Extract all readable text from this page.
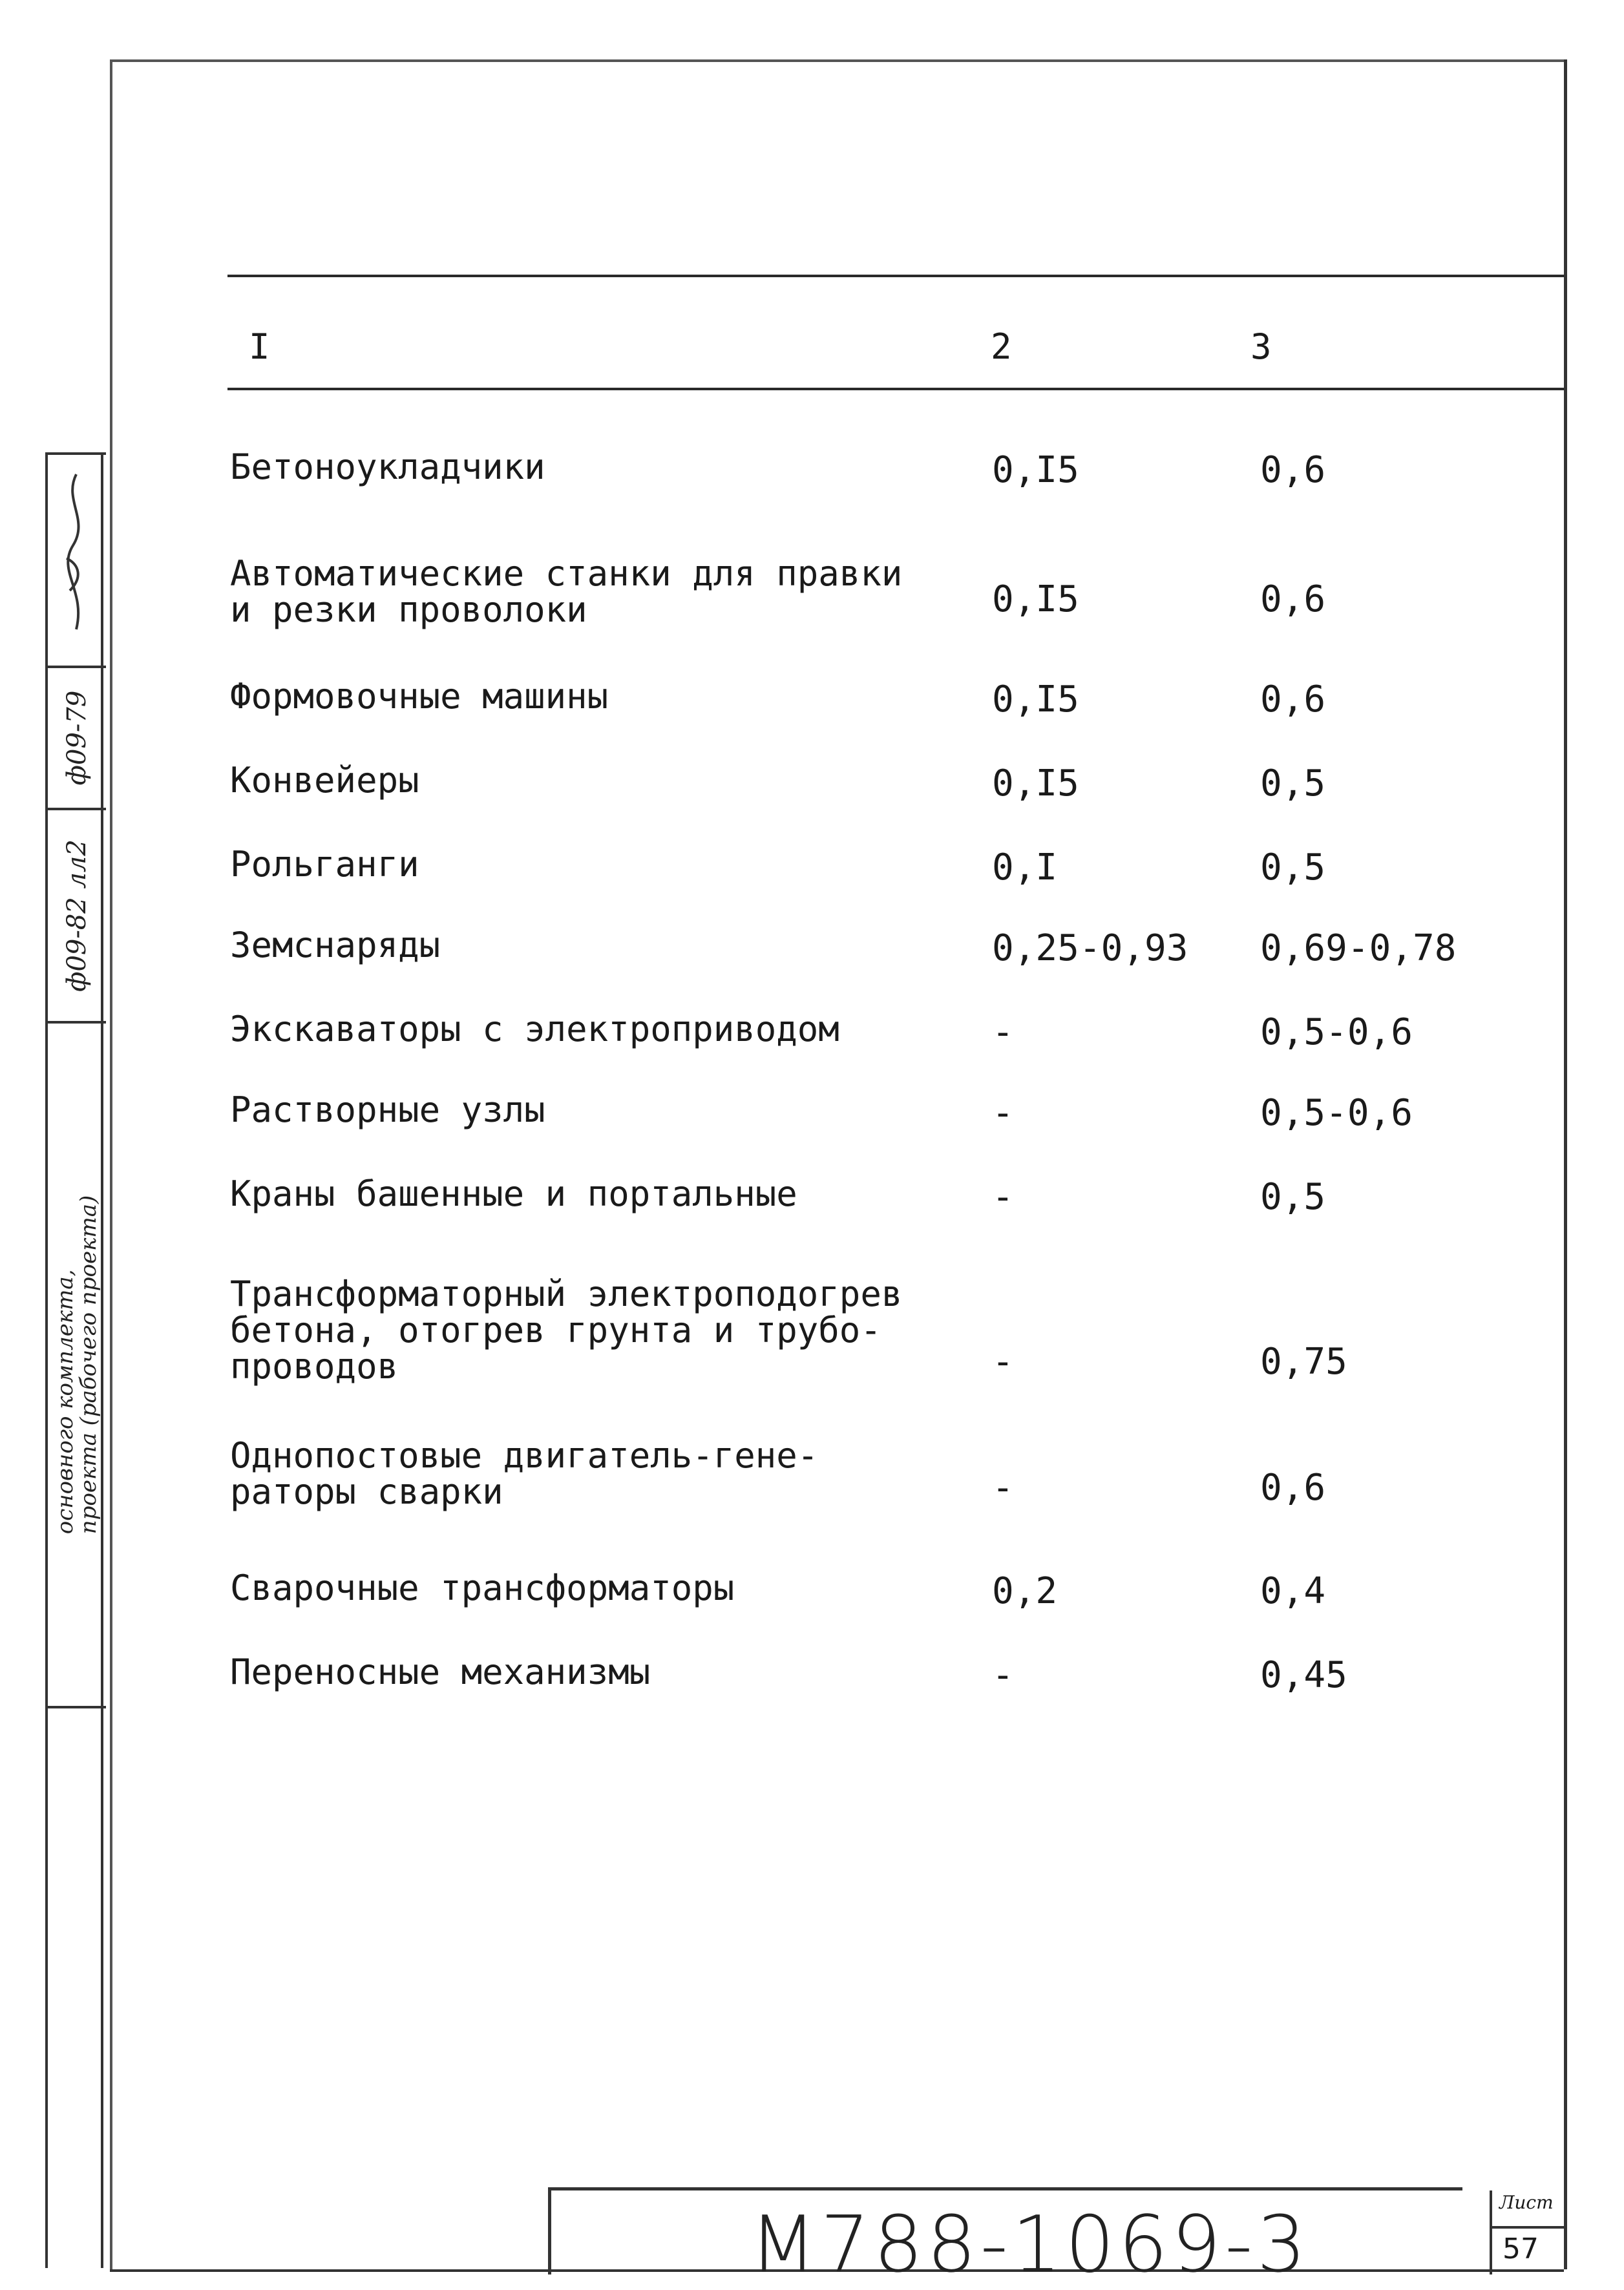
I	2	3
Бетоноукладчики	0,I5	0,6
Автоматические станки для правки
и резки проволоки	0,I5	0,6
Формовочные машины	0,I5	0,6
Конвейеры	0,I5	0,5
Рольганги	0,I	0,5
Земснаряды	0,25-0,93 0,69-0,78
Экскаваторы с электроприводом	-	0,5-0,6
Растворные узлы	-	0,5-0,6
Краны башенные и портальные	-	0,5
Трансформаторный электроподогрев
бетона, отогрев грунта и трубо-
проводов	-	0,75
Однопостовые двигатель-гене-
раторы сварки	-	0,6
Сварочные трансформаторы	0,2	0,4
Переносные механизмы	-	0,45
ф09-79
ф09-82 лл2
основного комплекта,
проекта (рабочего проекта)
M788-1069-3	Лист
57
